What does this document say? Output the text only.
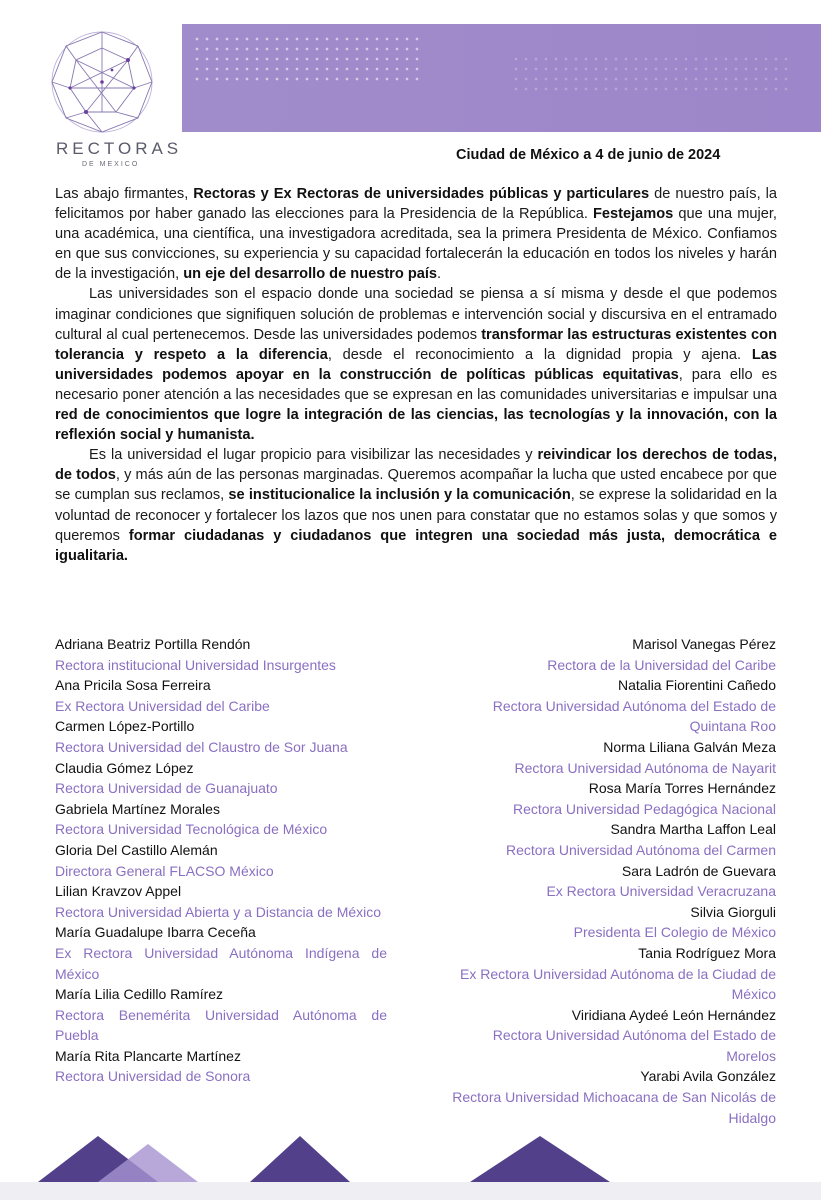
RECTORAS
DE MEXICO
Ciudad de México a 4 de junio de 2024

Las abajo firmantes, Rectoras y Ex Rectoras de universidades públicas y particulares de nuestro país, la felicitamos por haber ganado las elecciones para la Presidencia de la República. Festejamos que una mujer, una académica, una científica, una investigadora acreditada, sea la primera Presidenta de México. Confiamos en que sus convicciones, su experiencia y su capacidad fortalecerán la educación en todos los niveles y harán de la investigación, un eje del desarrollo de nuestro país.

Las universidades son el espacio donde una sociedad se piensa a sí misma y desde el que podemos imaginar condiciones que signifiquen solución de problemas e intervención social y discursiva en el entramado cultural al cual pertenecemos. Desde las universidades podemos transformar las estructuras existentes con tolerancia y respeto a la diferencia, desde el reconocimiento a la dignidad propia y ajena. Las universidades podemos apoyar en la construcción de políticas públicas equitativas, para ello es necesario poner atención a las necesidades que se expresan en las comunidades universitarias e impulsar una red de conocimientos que logre la integración de las ciencias, las tecnologías y la innovación, con la reflexión social y humanista.

Es la universidad el lugar propicio para visibilizar las necesidades y reivindicar los derechos de todas, de todos, y más aún de las personas marginadas. Queremos acompañar la lucha que usted encabece por que se cumplan sus reclamos, se institucionalice la inclusión y la comunicación, se exprese la solidaridad en la voluntad de reconocer y fortalecer los lazos que nos unen para constatar que no estamos solas y que somos y queremos formar ciudadanas y ciudadanos que integren una sociedad más justa, democrática e igualitaria.

Adriana Beatriz Portilla Rendón
Rectora institucional Universidad Insurgentes
Ana Pricila Sosa Ferreira
Ex Rectora Universidad del Caribe
Carmen López-Portillo
Rectora Universidad del Claustro de Sor Juana
Claudia Gómez López
Rectora Universidad de Guanajuato
Gabriela Martínez Morales
Rectora Universidad Tecnológica de México
Gloria Del Castillo Alemán
Directora General FLACSO México
Lilian Kravzov Appel
Rectora Universidad Abierta y a Distancia de México
María Guadalupe Ibarra Ceceña
Ex Rectora Universidad Autónoma Indígena de México
María Lilia Cedillo Ramírez
Rectora Benemérita Universidad Autónoma de Puebla
María Rita Plancarte Martínez
Rectora Universidad de Sonora
Marisol Vanegas Pérez
Rectora de la Universidad del Caribe
Natalia Fiorentini Cañedo
Rectora Universidad Autónoma del Estado de Quintana Roo
Norma Liliana Galván Meza
Rectora Universidad Autónoma de Nayarit
Rosa María Torres Hernández
Rectora Universidad Pedagógica Nacional
Sandra Martha Laffon Leal
Rectora Universidad Autónoma del Carmen
Sara Ladrón de Guevara
Ex Rectora Universidad Veracruzana
Silvia Giorguli
Presidenta El Colegio de México
Tania Rodríguez Mora
Ex Rectora Universidad Autónoma de la Ciudad de México
Viridiana Aydeé León Hernández
Rectora Universidad Autónoma del Estado de Morelos
Yarabi Avila González
Rectora Universidad Michoacana de San Nicolás de Hidalgo
